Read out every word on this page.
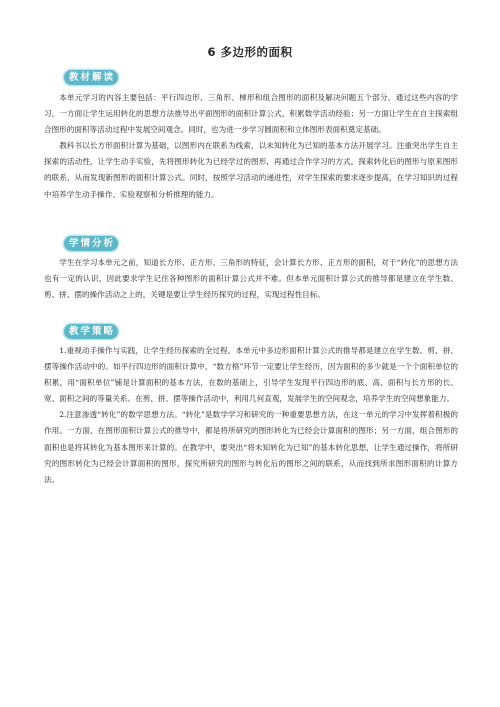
6 多边形的面积
教 材 解 读

本单元学习的内容主要包括：平行四边形、三角形、梯形和组合图形的面积及解决问题五个部分。通过这些内容的学习，一方面让学生运用转化的思想方法推导出平面图形的面积计算公式，积累数学活动经验；另一方面让学生在自主探索组合图形的面积等活动过程中发展空间观念。同时，也为进一步学习圆面积和立体图形表面积奠定基础。

教科书以长方形面积计算为基础，以图形内在联系为线索，以未知转化为已知的基本方法开展学习。注重突出学生自主探索的活动性，让学生动手实验，先将图形转化为已经学过的图形，再通过合作学习的方式，探索转化后的图形与原来图形的联系，从而发现新图形的面积计算公式。同时，按照学习活动的递进性，对学生探索的要求逐步提高，在学习知识的过程中培养学生动手操作、实验观察和分析推理的能力。

学 情 分 析

学生在学习本单元之前，知道长方形、正方形、三角形的特征，会计算长方形、正方形的面积，对于“转化”的思想方法也有一定的认识，因此要求学生记住各种图形的面积计算公式并不难。但本单元面积计算公式的推导都是建立在学生数、剪、拼、摆的操作活动之上的，关键是要让学生经历探究的过程，实现过程性目标。

教 学 策 略

1.重视动手操作与实践，让学生经历探索的全过程。本单元中多边形面积计算公式的推导都是建立在学生数、剪、拼、摆等操作活动中的。如平行四边形的面积计算中，“数方格”环节一定要让学生经历，因为面积的多少就是一个个面积单位的积累，用“面积单位”铺是计算面积的基本方法，在数的基础上，引导学生发现平行四边形的底、高、面积与长方形的长、宽、面积之间的等量关系。在剪、拼、摆等操作活动中，利用几何直观，发展学生的空间观念，培养学生的空间想象能力。

2.注意渗透“转化”的数学思想方法。“转化”是数学学习和研究的一种重要思想方法，在这一单元的学习中发挥着积极的作用。一方面，在图形面积计算公式的推导中，都是将所研究的图形转化为已经会计算面积的图形；另一方面，组合图形的面积也是将其转化为基本图形来计算的。在教学中，要突出“将未知转化为已知”的基本转化思想，让学生通过操作，将所研究的图形转化为已经会计算面积的图形，探究所研究的图形与转化后的图形之间的联系，从而找到所求图形面积的计算方法。
